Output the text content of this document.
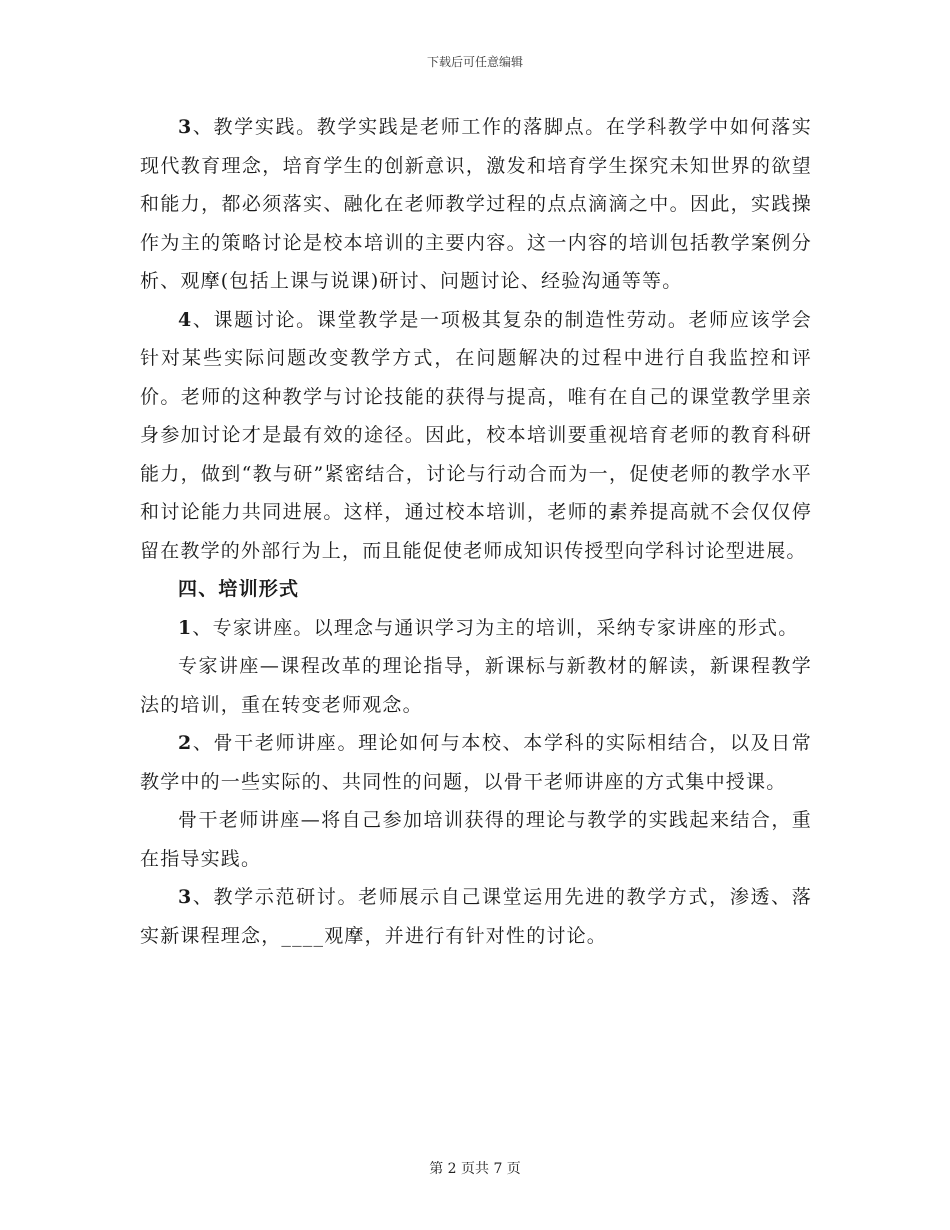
下载后可任意编辑

3、教学实践。教学实践是老师工作的落脚点。在学科教学中如何落实现代教育理念，培育学生的创新意识，激发和培育学生探究未知世界的欲望和能力，都必须落实、融化在老师教学过程的点点滴滴之中。因此，实践操作为主的策略讨论是校本培训的主要内容。这一内容的培训包括教学案例分析、观摩(包括上课与说课)研讨、问题讨论、经验沟通等等。

4、课题讨论。课堂教学是一项极其复杂的制造性劳动。老师应该学会针对某些实际问题改变教学方式，在问题解决的过程中进行自我监控和评价。老师的这种教学与讨论技能的获得与提高，唯有在自己的课堂教学里亲身参加讨论才是最有效的途径。因此，校本培训要重视培育老师的教育科研能力，做到“教与研”紧密结合，讨论与行动合而为一，促使老师的教学水平和讨论能力共同进展。这样，通过校本培训，老师的素养提高就不会仅仅停留在教学的外部行为上，而且能促使老师成知识传授型向学科讨论型进展。

四、培训形式

1、专家讲座。以理念与通识学习为主的培训，采纳专家讲座的形式。

专家讲座—课程改革的理论指导，新课标与新教材的解读，新课程教学法的培训，重在转变老师观念。

2、骨干老师讲座。理论如何与本校、本学科的实际相结合，以及日常教学中的一些实际的、共同性的问题，以骨干老师讲座的方式集中授课。

骨干老师讲座—将自己参加培训获得的理论与教学的实践起来结合，重在指导实践。

3、教学示范研讨。老师展示自己课堂运用先进的教学方式，渗透、落实新课程理念，____观摩，并进行有针对性的讨论。

第 2 页共 7 页
